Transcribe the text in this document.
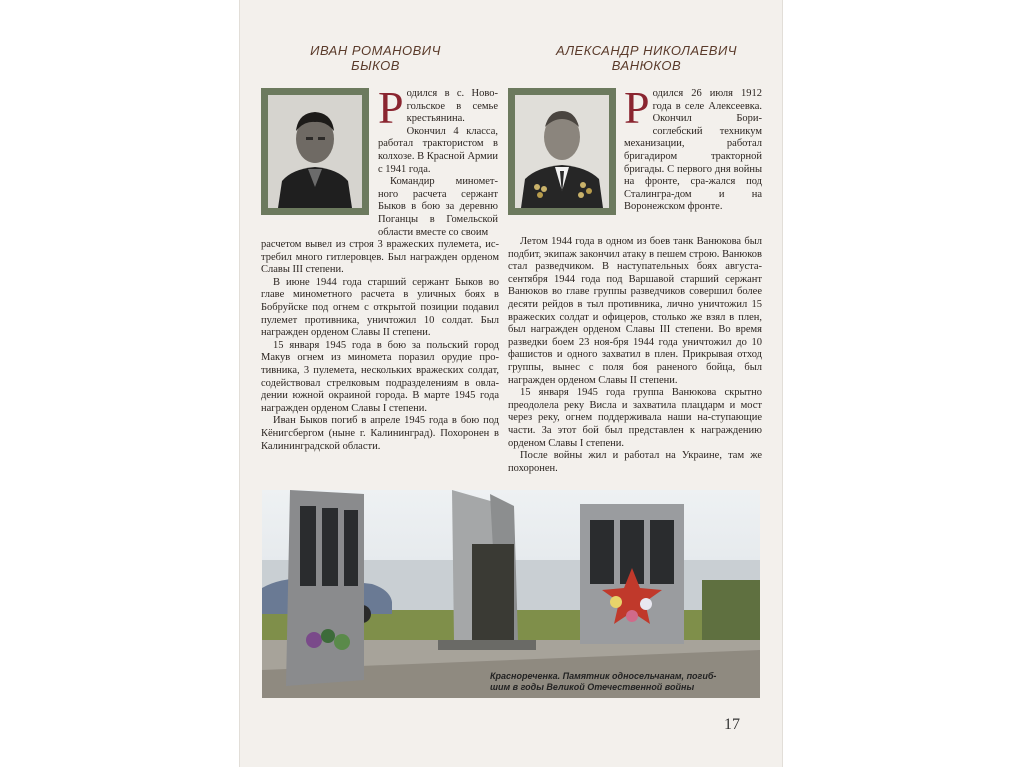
ИВАН РОМАНОВИЧ
БЫКОВ
АЛЕКСАНДР НИКОЛАЕВИЧ
ВАНЮКОВ

Родился в с. Ново-гольское в семье крестьянина. Окончил 4 класса, работал трактористом в колхозе. В Красной Армии с 1941 года.

Командир миномет-ного расчета сержант Быков в бою за деревню Поганцы в Гомельской области вместе со своим

расчетом вывел из строя 3 вражеских пулемета, ис-требил много гитлеровцев. Был награжден орденом Славы III степени.

В июне 1944 года старший сержант Быков во главе минометного расчета в уличных боях в Бобруйске под огнем с открытой позиции подавил пулемет противника, уничтожил 10 солдат. Был награжден орденом Славы II степени.

15 января 1945 года в бою за польский город Макув огнем из миномета поразил орудие про-тивника, 3 пулемета, нескольких вражеских солдат, содействовал стрелковым подразделениям в овла-дении южной окраиной города. В марте 1945 года награжден орденом Славы I степени.

Иван Быков погиб в апреле 1945 года в бою под Кёнигсбергом (ныне г. Калининград). Похоронен в Калининградской области.

Родился 26 июля 1912 года в селе Алексеевка. Окончил Бори-соглебский техникум механизации, работал бригадиром тракторной бригады. С первого дня войны на фронте, сра-жался под Сталингра-дом и на Воронежском фронте.

Летом 1944 года в одном из боев танк Ванюкова был подбит, экипаж закончил атаку в пешем строю. Ванюков стал разведчиком. В наступательных боях августа-сентября 1944 года под Варшавой старший сержант Ванюков во главе группы разведчиков совершил более десяти рейдов в тыл противника, лично уничтожил 15 вражеских солдат и офицеров, столько же взял в плен, был награжден орденом Славы III степени. Во время разведки боем 23 ноя-бря 1944 года уничтожил до 10 фашистов и одного захватил в плен. Прикрывая отход группы, вынес с поля боя раненого бойца, был награжден орденом Славы II степени.

15 января 1945 года группа Ванюкова скрытно преодолела реку Висла и захватила плацдарм и мост через реку, огнем поддерживала наши на-ступающие части. За этот бой был представлен к награждению орденом Славы I степени.

После войны жил и работал на Украине, там же похоронен.

Краснореченка. Памятник односельчанам, погиб-шим в годы Великой Отечественной войны
17
